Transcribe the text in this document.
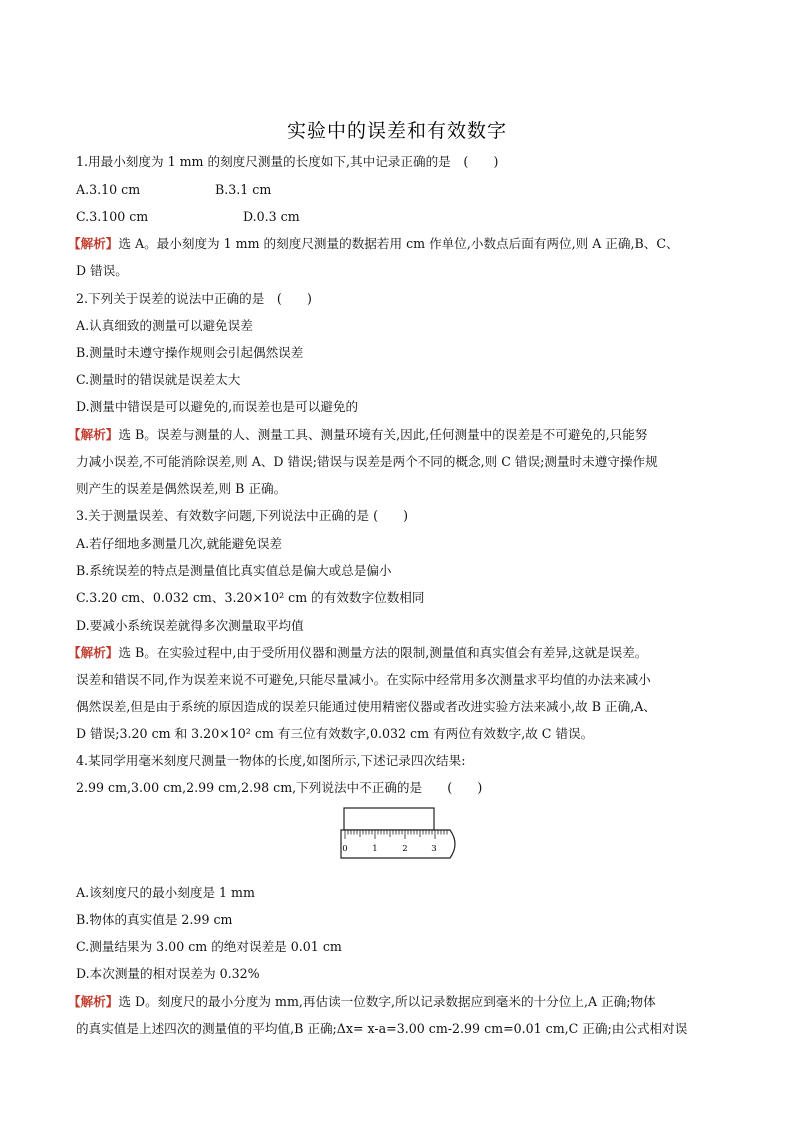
实验中的误差和有效数字
1.用最小刻度为 1 mm 的刻度尺测量的长度如下,其中记录正确的是　(　　)
A.3.10 cm	B.3.1 cm
C.3.100 cm	D.0.3 cm
【解析】选 A。最小刻度为 1 mm 的刻度尺测量的数据若用 cm 作单位,小数点后面有两位,则 A 正确,B、C、
D 错误。
2.下列关于误差的说法中正确的是　(　　)
A.认真细致的测量可以避免误差
B.测量时未遵守操作规则会引起偶然误差
C.测量时的错误就是误差太大
D.测量中错误是可以避免的,而误差也是可以避免的
【解析】选 B。误差与测量的人、测量工具、测量环境有关,因此,任何测量中的误差是不可避免的,只能努
力减小误差,不可能消除误差,则 A、D 错误;错误与误差是两个不同的概念,则 C 错误;测量时未遵守操作规
则产生的误差是偶然误差,则 B 正确。
3.关于测量误差、有效数字问题,下列说法中正确的是 (　　)
A.若仔细地多测量几次,就能避免误差
B.系统误差的特点是测量值比真实值总是偏大或总是偏小
C.3.20 cm、0.032 cm、3.20×10² cm 的有效数字位数相同
D.要减小系统误差就得多次测量取平均值
【解析】选 B。在实验过程中,由于受所用仪器和测量方法的限制,测量值和真实值会有差异,这就是误差。
误差和错误不同,作为误差来说不可避免,只能尽量减小。在实际中经常用多次测量求平均值的办法来减小
偶然误差,但是由于系统的原因造成的误差只能通过使用精密仪器或者改进实验方法来减小,故 B 正确,A、
D 错误;3.20 cm 和 3.20×10² cm 有三位有效数字,0.032 cm 有两位有效数字,故 C 错误。
4.某同学用毫米刻度尺测量一物体的长度,如图所示,下述记录四次结果:
2.99 cm,3.00 cm,2.99 cm,2.98 cm,下列说法中不正确的是　　(　　)
0	1	2	3
A.该刻度尺的最小刻度是 1 mm
B.物体的真实值是 2.99 cm
C.测量结果为 3.00 cm 的绝对误差是 0.01 cm
D.本次测量的相对误差为 0.32%
【解析】选 D。刻度尺的最小分度为 mm,再估读一位数字,所以记录数据应到毫米的十分位上,A 正确;物体
的真实值是上述四次的测量值的平均值,B 正确;Δx= x-a=3.00 cm-2.99 cm=0.01 cm,C 正确;由公式相对误
